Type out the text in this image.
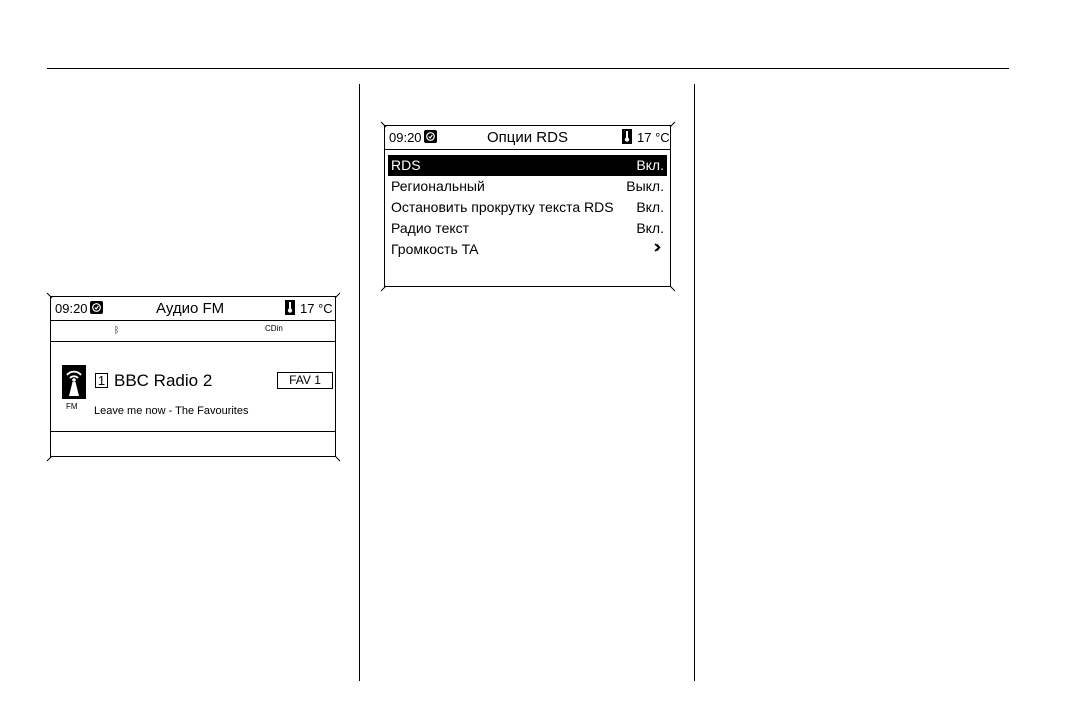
09:20	Аудио FM	17 °C
ᛒ	CDin
FM
1 BBC Radio 2	FAV 1
Leave me now - The Favourites
09:20	Опции RDS	17 °C
RDS	Вкл.
Региональный	Выкл.
Остановить прокрутку текста RDS Вкл.
Радио текст	Вкл.
Громкость TA
